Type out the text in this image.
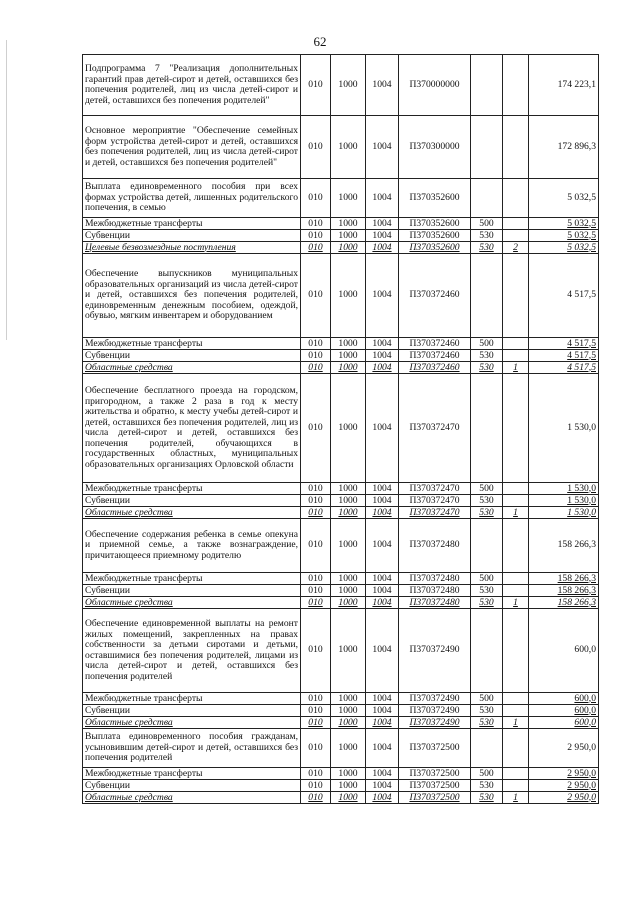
62
Подпрограмма 7 "Реализация дополнительных гарантий прав детей-сирот и детей, оставшихся без попечения родителей, лиц из числа детей-сирот и детей, оставшихся без попечения родителей"	010	1000	1004	П370000000			174 223,1
Основное мероприятие "Обеспечение семейных форм устройства детей-сирот и детей, оставшихся без попечения родителей, лиц из числа детей-сирот и детей, оставшихся без попечения родителей"	010	1000	1004	П370300000			172 896,3
Выплата единовременного пособия при всех формах устройства детей, лишенных родительского попечения, в семью	010	1000	1004	П370352600			5 032,5
Межбюджетные трансферты	010	1000	1004	П370352600	500		5 032,5
Субвенции	010	1000	1004	П370352600	530		5 032,5
Целевые безвозмездные поступления	010	1000	1004	П370352600	530	2	5 032,5
Обеспечение выпускников муниципальных образовательных организаций из числа детей-сирот и детей, оставшихся без попечения родителей, единовременным денежным пособием, одеждой, обувью, мягким инвентарем и оборудованием	010	1000	1004	П370372460			4 517,5
Межбюджетные трансферты	010	1000	1004	П370372460	500		4 517,5
Субвенции	010	1000	1004	П370372460	530		4 517,5
Областные средства	010	1000	1004	П370372460	530	1	4 517,5
Обеспечение бесплатного проезда на городском, пригородном, а также 2 раза в год к месту жительства и обратно, к месту учебы детей-сирот и детей, оставшихся без попечения родителей, лиц из числа детей-сирот и детей, оставшихся без попечения родителей, обучающихся в государственных областных, муниципальных образовательных организациях Орловской области	010	1000	1004	П370372470			1 530,0
Межбюджетные трансферты	010	1000	1004	П370372470	500		1 530,0
Субвенции	010	1000	1004	П370372470	530		1 530,0
Областные средства	010	1000	1004	П370372470	530	1	1 530,0
Обеспечение содержания ребенка в семье опекуна и приемной семье, а также вознаграждение, причитающееся приемному родителю	010	1000	1004	П370372480			158 266,3
Межбюджетные трансферты	010	1000	1004	П370372480	500		158 266,3
Субвенции	010	1000	1004	П370372480	530		158 266,3
Областные средства	010	1000	1004	П370372480	530	1	158 266,3
Обеспечение единовременной выплаты на ремонт жилых помещений, закрепленных на правах собственности за детьми сиротами и детьми, оставшимися без попечения родителей, лицами из числа детей-сирот и детей, оставшихся без попечения родителей	010	1000	1004	П370372490			600,0
Межбюджетные трансферты	010	1000	1004	П370372490	500		600,0
Субвенции	010	1000	1004	П370372490	530		600,0
Областные средства	010	1000	1004	П370372490	530	1	600,0
Выплата единовременного пособия гражданам, усыновившим детей-сирот и детей, оставшихся без попечения родителей	010	1000	1004	П370372500			2 950,0
Межбюджетные трансферты	010	1000	1004	П370372500	500		2 950,0
Субвенции	010	1000	1004	П370372500	530		2 950,0
Областные средства	010	1000	1004	П370372500	530	1	2 950,0
